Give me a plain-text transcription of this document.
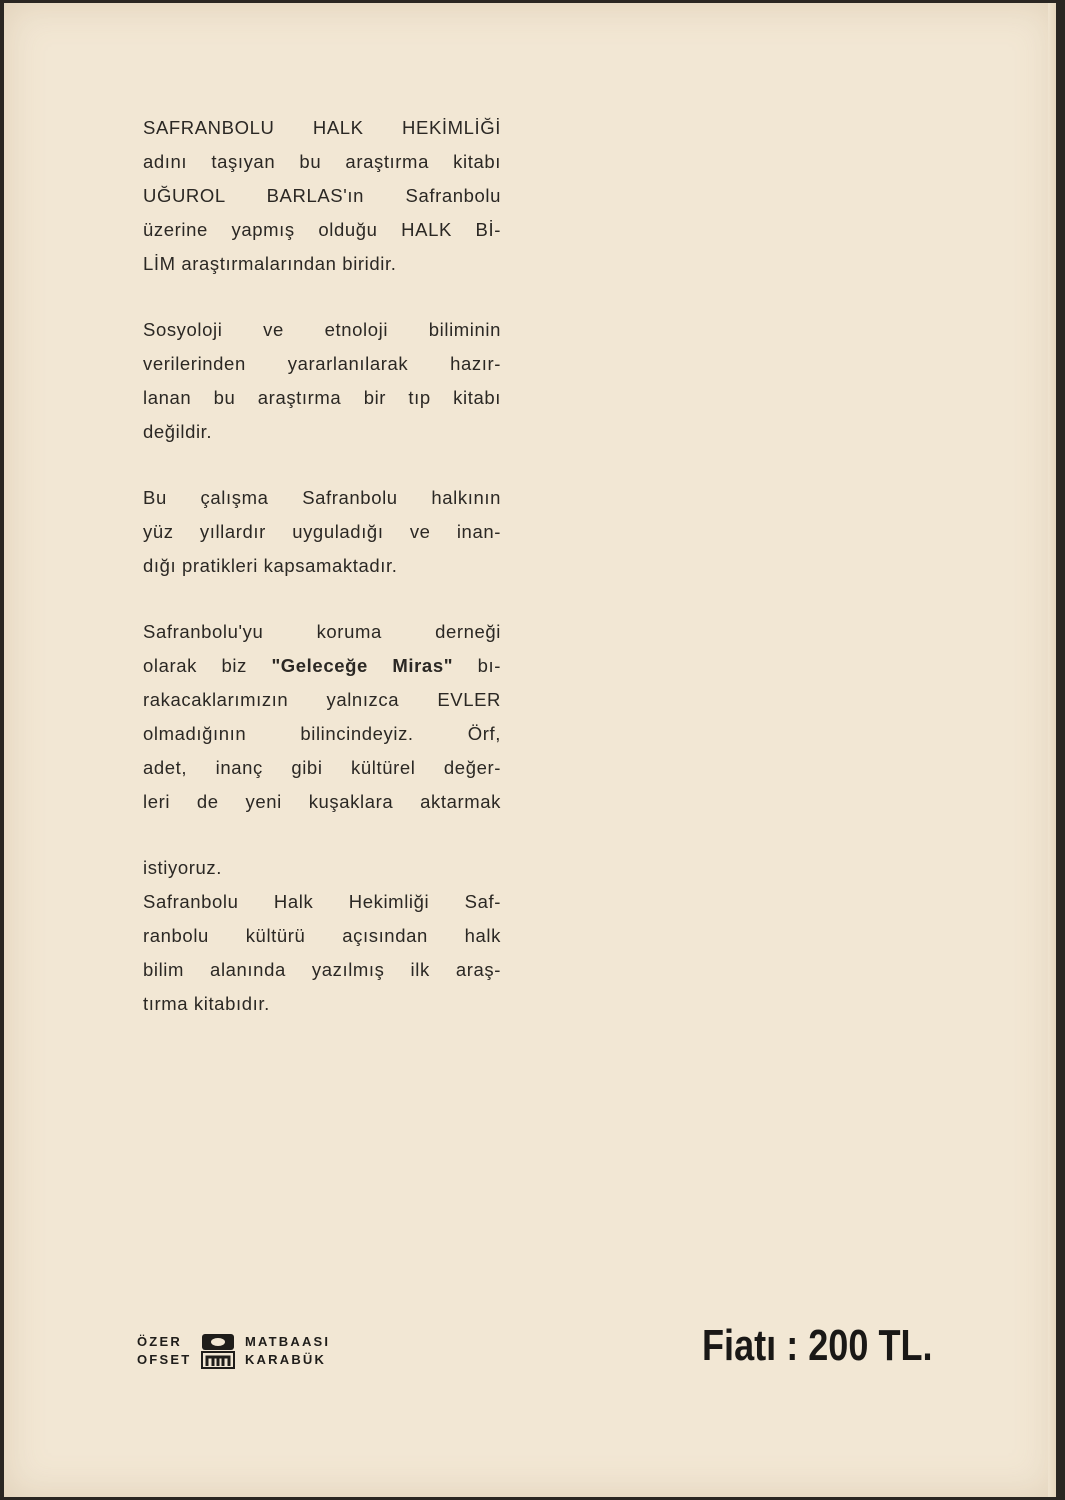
SAFRANBOLU HALK HEKİMLİĞİ
adını taşıyan bu araştırma kitabı
UĞUROL BARLAS'ın Safranbolu
üzerine yapmış olduğu HALK Bİ-
LİM araştırmalarından biridir.

Sosyoloji ve etnoloji biliminin
verilerinden yararlanılarak hazır-
lanan bu araştırma bir tıp kitabı
değildir.

Bu çalışma Safranbolu halkının
yüz yıllardır uyguladığı ve inan-
dığı pratikleri kapsamaktadır.

Safranbolu'yu koruma derneği
olarak biz "Geleceğe Miras" bı-
rakacaklarımızın yalnızca EVLER
olmadığının bilincindeyiz. Örf,
adet, inanç gibi kültürel değer-
leri de yeni kuşaklara aktarmak

istiyoruz.
Safranbolu Halk Hekimliği Saf-
ranbolu kültürü açısından halk
bilim alanında yazılmış ilk araş-
tırma kitabıdır.

ÖZER
OFSET

MATBAASI
KARABÜK	Fiatı : 200 TL.
